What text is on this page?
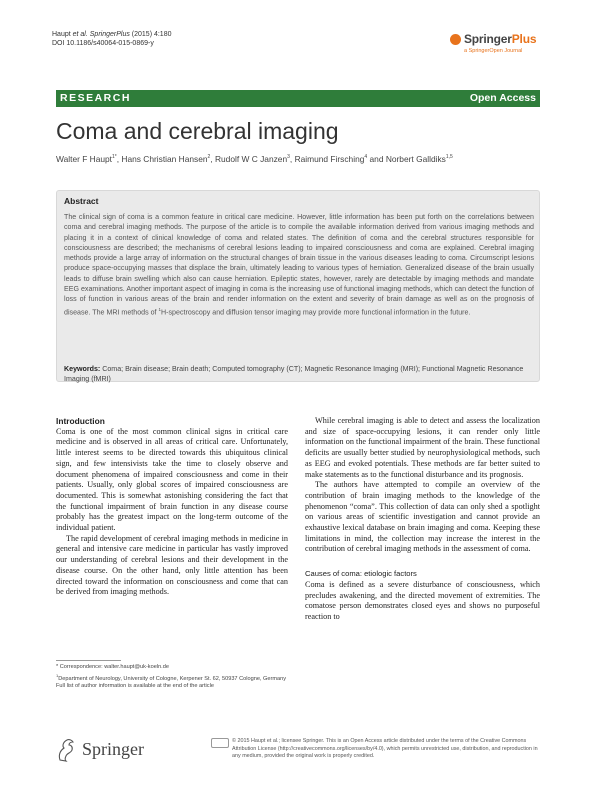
Haupt et al. SpringerPlus (2015) 4:180
DOI 10.1186/s40064-015-0869-y	SpringerPlus
a SpringerOpen Journal
RESEARCH	Open Access
Coma and cerebral imaging
Walter F Haupt$^{1*}$, Hans Christian Hansen$^2$, Rudolf W C Janzen$^3$, Raimund Firsching$^4$ and Norbert Galldiks$^{1,5}$
Abstract
The clinical sign of coma is a common feature in critical care medicine. However, little information has been put forth on the correlations between coma and cerebral imaging methods. The purpose of the article is to compile the available information derived from various imaging methods and placing it in a context of clinical knowledge of coma and related states. The definition of coma and the cerebral structures responsible for consciousness are described; the mechanisms of cerebral lesions leading to impaired consciousness and coma are explained. Cerebral imaging methods provide a large array of information on the structural changes of brain tissue in the various diseases leading to coma. Circumscript lesions produce space-occupying masses that displace the brain, ultimately leading to various types of herniation. Generalized disease of the brain usually leads to diffuse brain swelling which also can cause herniation. Epileptic states, however, rarely are detectable by imaging methods and mandate EEG examinations. Another important aspect of imaging in coma is the increasing use of functional imaging methods, which can detect the function of loss of function in various areas of the brain and render information on the extent and severity of brain damage as well as on the prognosis of disease. The MRI methods of $^1$H-spectroscopy and diffusion tensor imaging may provide more functional information in the future.
Keywords: Coma; Brain disease; Brain death; Computed tomography (CT); Magnetic Resonance Imaging (MRI); Functional Magnetic Resonance Imaging (fMRI)
Introduction

Coma is one of the most common clinical signs in critical care medicine and is observed in all areas of critical care. Unfortunately, little interest seems to be directed towards this ubiquitous clinical sign, and few intensivists take the time to closely observe and document phenomena of impaired consciousness and come in their patients. Usually, only global scores of impaired consciousness are documented. This is somewhat astonishing considering the fact that the functional impairment of brain function in any disease course probably has the greatest impact on the long-term outcome of the individual patient.

The rapid development of cerebral imaging methods in medicine in general and intensive care medicine in particular has vastly improved our understanding of cerebral lesions and their development in the disease course. On the other hand, only little attention has been directed toward the information on consciousness and come that can be derived from imaging methods.

While cerebral imaging is able to detect and assess the localization and size of space-occupying lesions, it can render only little information on the functional impairment of the brain. These functional deficits are usually better studied by neurophysiological methods, such as EEG and evoked potentials. These methods are far better suited to make statements as to the functional disturbance and its prognosis.

The authors have attempted to compile an overview of the contribution of brain imaging methods to the knowledge of the phenomenon “coma”. This collection of data can only shed a spotlight on various areas of scientific investigation and cannot provide an exhaustive lexical database on brain imaging and coma. Keeping these limitations in mind, the collection may increase the interest in the contribution of cerebral imaging methods in the assessment of coma.

Causes of coma: etiologic factors

Coma is defined as a severe disturbance of consciousness, which precludes awakening, and the directed movement of extremities. The comatose person demonstrates closed eyes and shows no purposeful reaction to

* Correspondence: walter.haupt@uk-koeln.de
$^1$Department of Neurology, University of Cologne, Kerpener St. 62, 50937 Cologne, Germany
Full list of author information is available at the end of the article
Springer	© 2015 Haupt et al.; licensee Springer. This is an Open Access article distributed under the terms of the Creative Commons Attribution License (http://creativecommons.org/licenses/by/4.0), which permits unrestricted use, distribution, and reproduction in any medium, provided the original work is properly credited.
